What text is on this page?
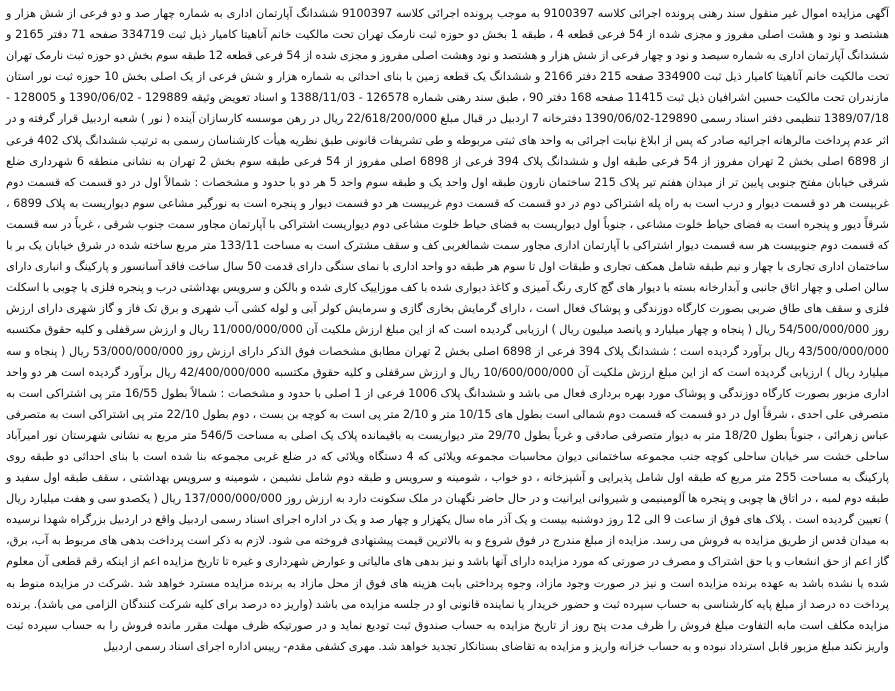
آگهی مزایده اموال غیر منقول سند رهنی پرونده اجرائی کلاسه 9100397 به موجب پرونده اجرائی کلاسه 9100397 ششدانگ آپارتمان اداری به شماره چهار صد و دو فرعی از شش هزار و هشتصد و نود و هشت اصلی مفروز و مجزی شده از 54 فرعی قطعه 4 ، طبقه 1 بخش دو حوزه ثبت نارمک تهران تحت مالکیت خانم آناهیتا کامیار ذیل ثبت 334719 صفحه 71 دفتر 2165 و ششدانگ آپارتمان اداری به شماره سیصد و نود و چهار فرعی از شش هزار و هشتصد و نود وهشت اصلی مفروز و مجزی شده از 54 فرعی قطعه 12 طبقه سوم بخش دو حوزه ثبت نارمک تهران تحت مالکیت خانم آناهیتا کامیار ذیل ثبت 334900 صفحه 215 دفتر 2166 و ششدانگ یک قطعه زمین با بنای احداثی به شماره هزار و شش فرعی از یک اصلی بخش 10 حوزه ثبت نور استان مازندران تحت مالکیت حسین اشرافیان ذیل ثبت 11415 صفحه 168 دفتر 90 ، طبق سند رهنی شماره 126578 - 1388/11/03 و اسناد تعویض وثیقه 129889 - 1390/06/02 و 128005 - 1389/07/18 تنظیمی دفتر اسناد رسمی 129890-1390/06/02 دفترخانه 7 اردبیل در قبال مبلغ 22/618/200/000 ریال در رهن موسسه کارسازان آینده ( نور ) شعبه اردبیل قرار گرفته و در اثر عدم پرداخت مالرهانه اجرائیه صادر که پس از ابلاغ نیابت اجرائی به واحد های ثبتی مربوطه و طی تشریفات قانونی طبق نظریه هیأت کارشناسان رسمی به ترتیب ششدانگ پلاک 402 فرعی از 6898 اصلی بخش 2 تهران مفروز از 54 فرعی طبقه اول و ششدانگ پلاک 394 فرعی از 6898 اصلی مفروز از 54 فرعی طبقه سوم بخش 2 تهران به نشانی منطقه 6 شهرداری ضلع شرقی خیابان مفتح جنوبی پایین تر از میدان هفتم تیر پلاک 215 ساختمان نارون طبقه اول واحد یک و طبقه سوم واحد 5 هر دو با حدود و مشخصات : شمالاً اول در دو قسمت که قسمت دوم غربیست هر دو قسمت دیوار و درب است به راه پله اشتراکی دوم در دو قسمت که قسمت دوم غربیست هر دو قسمت دیوار و پنجره است به نورگیر مشاعی سوم دیواریست به پلاک 6899 ، شرقاً دیور و پنجره است به فضای حیاط خلوت مشاعی ، جنوباً اول دیواریست به فضای حیاط خلوت مشاعی دوم دیواریست اشتراکی با آپارتمان مجاور سمت جنوب شرقی ، غرباً در سه قسمت که قسمت دوم جنوبیست هر سه قسمت دیوار اشتراکی با آپارتمان اداری مجاور سمت شمالغربی کف و سقف مشترک است به مساحت 133/11 متر مربع ساخته شده در شرق خیابان یک بر با ساختمان اداری تجاری با چهار و نیم طبقه شامل همکف تجاری و طبقات اول تا سوم هر طبقه دو واحد اداری با نمای سنگی دارای قدمت 50 سال ساخت فاقد آسانسور و پارکینگ و انباری دارای سالن اصلی و چهار اتاق جانبی و آبدارخانه بسته با دیوار های گچ کاری رنگ آمیزی و کاغذ دیواری شده با کف موزاییک کاری شده و بالکن و سرویس بهداشتی درب و پنجره فلزی یا چوبی با اسکلت فلزی و سقف های طاق ضربی بصورت کارگاه دوزندگی و پوشاک فعال است ، دارای گرمایش بخاری گازی و سرمایش کولر آبی و لوله کشی آب شهری و برق تک فاز و گاز شهری دارای ارزش روز 54/500/000/000 ریال ( پنجاه و چهار میلیارد و پانصد میلیون ریال ) ارزیابی گردیده است که از این مبلغ ارزش ملکیت آن 11/000/000/000 ریال و ارزش سرقفلی و کلیه حقوق مکتسبه 43/500/000/000 ریال برآورد گردیده است ؛ ششدانگ پلاک 394 فرعی از 6898 اصلی بخش 2 تهران مطابق مشخصات فوق الذکر دارای ارزش روز 53/000/000/000 ریال ( پنجاه و سه میلیارد ریال ) ارزیابی گردیده است که از این مبلغ ارزش ملکیت آن 10/600/000/000 ریال و ارزش سرقفلی و کلیه حقوق مکتسبه 42/400/000/000 ریال برآورد گردیده است هر دو واحد اداری مزبور بصورت کارگاه دوزندگی و پوشاک مورد بهره برداری فعال می باشد و ششدانگ پلاک 1006 فرعی از 1 اصلی با حدود و مشخصات : شمالاً بطول 16/55 متر پی اشتراکی است به متصرفی علی احدی ، شرقاً اول در دو قسمت که قسمت دوم شمالی است بطول های 10/15 متر و 2/10 متر پی است به کوچه بن بست ، دوم بطول 22/10 متر پی اشتراکی است به متصرفی عباس زهرائی ، جنوباً بطول 18/20 متر به دیوار متصرفی صادقی و غرباً بطول 29/70 متر دیواریست به باقیمانده پلاک یک اصلی به مساحت 546/5 متر مربع به نشانی شهرستان نور امیرآباد ساحلی خشت سر خیابان ساحلی کوچه جنب مجموعه ساختمانی دیوان محاسبات مجموعه ویلائی که 4 دستگاه ویلائی که در ضلع غربی مجموعه بنا شده است با بنای احداثی دو طبقه روی پارکینگ به مساحت 255 متر مربع که طبقه اول شامل پذیرایی و آشپزخانه ، دو خواب ، شومینه و سرویس و طبقه دوم شامل نشیمن ، شومینه و سرویس بهداشتی ، سقف طبقه اول سفید و طبقه دوم لمبه ، در اتاق ها چوبی و پنجره ها آلومینیمی و شیروانی ایرانیت و در حال حاضر نگهبان در ملک سکونت دارد به ارزش روز 137/000/000/000 ریال ( یکصدو سی و هفت میلیارد ریال ) تعیین گردیده است . پلاک های فوق از ساعت 9 الی 12 روز دوشنبه بیست و یک آذر ماه سال یکهزار و چهار صد و یک در اداره اجرای اسناد رسمی اردبیل واقع در اردبیل بزرگراه شهدا نرسیده به میدان قدس از طریق مزایده به فروش می رسد. مزایده از مبلغ مندرج در فوق شروع و به بالاترین قیمت پیشنهادی فروخته می شود. لازم به ذکر است پرداخت بدهی های مربوط به آب، برق، گاز اعم از حق انشعاب و یا حق اشتراک و مصرف در صورتی که مورد مزایده دارای آنها باشد و نیز بدهی های مالیاتی و عوارض شهرداری و غیره تا تاریخ مزایده اعم از اینکه رقم قطعی آن معلوم شده یا نشده باشد به عهده برنده مزایده است و نیز در صورت وجود مازاد، وجوه پرداختی بابت هزینه های فوق از محل مازاد به برنده مزایده مسترد خواهد شد .شرکت در مزایده منوط به پرداخت ده درصد از مبلغ پایه کارشناسی به حساب سپرده ثبت و حضور خریدار یا نماینده قانونی او در جلسه مزایده می باشد (واریز ده درصد برای کلیه شرکت کنندگان الزامی می باشد). برنده مزایده مکلف است مابه التفاوت مبلغ فروش را ظرف مدت پنج روز از تاریخ مزایده به حساب صندوق ثبت تودیع نماید و در صورتیکه ظرف مهلت مقرر مانده فروش را به حساب سپرده ثبت واریز نکند مبلغ مزبور قابل استرداد نبوده و به حساب خزانه واریز و مزایده به تقاضای بستانکار تجدید خواهد شد. مهری کشفی مقدم- رییس اداره اجرای اسناد رسمی اردبیل
